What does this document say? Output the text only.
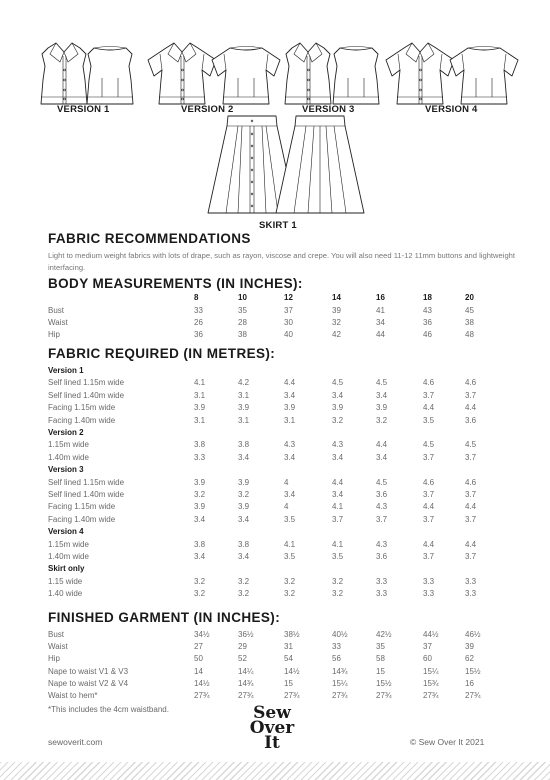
VERSION 1	VERSION 2	VERSION 3	VERSION 4
SKIRT 1
FABRIC RECOMMENDATIONS
Light to medium weight fabrics with lots of drape, such as rayon, viscose and crepe. You will also need 11-12 11mm buttons and lightweight interfacing.
BODY MEASUREMENTS (IN INCHES):
8	10	12	14	16	18	20
Bust	33	35	37	39	41	43	45
Waist	26	28	30	32	34	36	38
Hip	36	38	40	42	44	46	48
FABRIC REQUIRED (IN METRES):
Version 1
Self lined 1.15m wide	4.1	4.2	4.4	4.5	4.5	4.6	4.6
Self lined 1.40m wide	3.1	3.1	3.4	3.4	3.4	3.7	3.7
Facing 1.15m wide	3.9	3.9	3.9	3.9	3.9	4.4	4.4
Facing 1.40m wide	3.1	3.1	3.1	3.2	3.2	3.5	3.6
Version 2
1.15m wide	3.8	3.8	4.3	4.3	4.4	4.5	4.5
1.40m wide	3.3	3.4	3.4	3.4	3.4	3.7	3.7
Version 3
Self lined 1.15m wide	3.9	3.9	4	4.4	4.5	4.6	4.6
Self lined 1.40m wide	3.2	3.2	3.4	3.4	3.6	3.7	3.7
Facing 1.15m wide	3.9	3.9	4	4.1	4.3	4.4	4.4
Facing 1.40m wide	3.4	3.4	3.5	3.7	3.7	3.7	3.7
Version 4
1.15m wide	3.8	3.8	4.1	4.1	4.3	4.4	4.4
1.40m wide	3.4	3.4	3.5	3.5	3.6	3.7	3.7
Skirt only
1.15 wide	3.2	3.2	3.2	3.2	3.3	3.3	3.3
1.40 wide	3.2	3.2	3.2	3.2	3.3	3.3	3.3
FINISHED GARMENT (IN INCHES):
Bust	34½	36½	38½	40½	42½	44½	46½
Waist	27	29	31	33	35	37	39
Hip	50	52	54	56	58	60	62
Nape to waist V1 & V3	14	14¼	14½	14¾	15	15¼	15½
Nape to waist V2 & V4	14½	14¾	15	15¼	15½	15¾	16
Waist to hem*	27¾	27¾	27¾	27¾	27¾	27¾	27¾
*This includes the 4cm waistband.
sewoverit.com
Sew
Over It	© Sew Over It 2021
